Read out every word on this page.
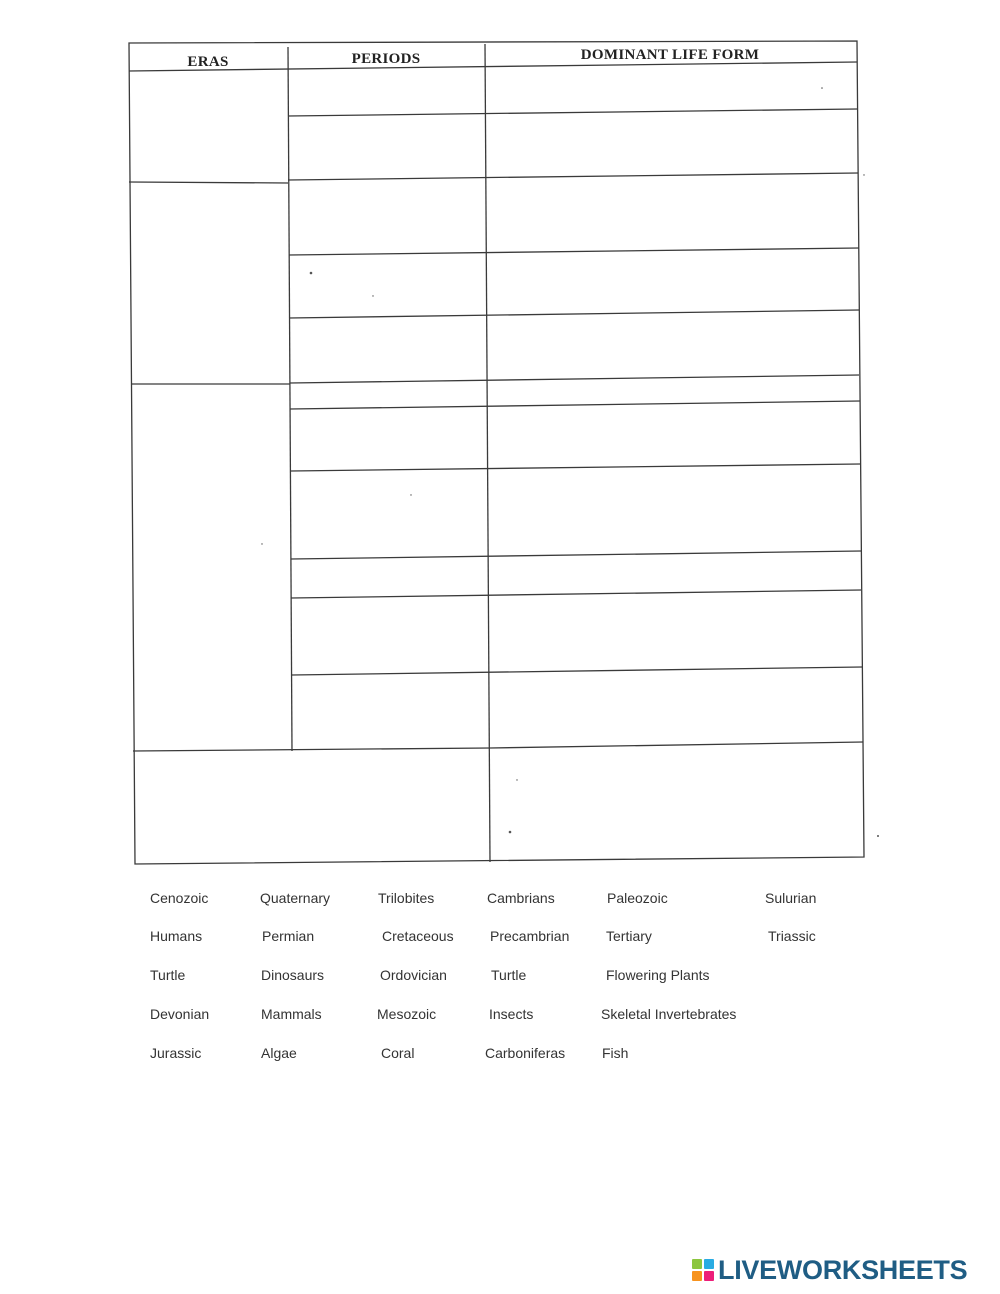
ERAS	PERIODS	DOMINANT LIFE FORM
Cenozoic	Quaternary	Trilobites	Cambrians	Paleozoic	Sulurian
Humans	Permian	Cretaceous	Precambrian	Tertiary	Triassic
Turtle	Dinosaurs	Ordovician	Turtle	Flowering Plants
Devonian	Mammals	Mesozoic	Insects	Skeletal Invertebrates
Jurassic	Algae	Coral	Carboniferas	Fish
LIVEWORKSHEETS
